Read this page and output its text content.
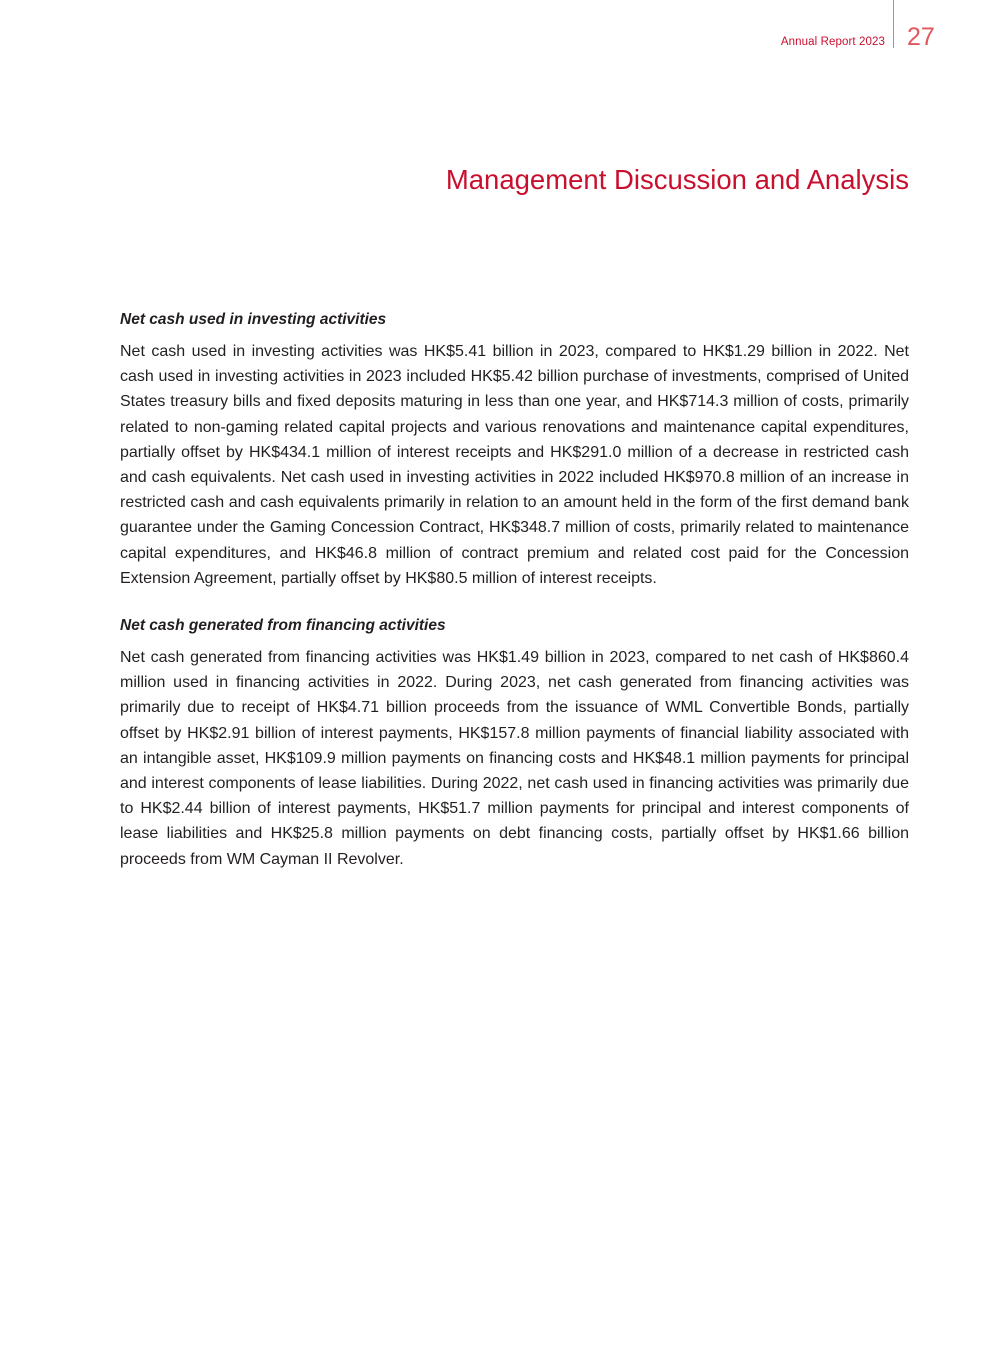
Annual Report 2023 27
Management Discussion and Analysis
Net cash used in investing activities

Net cash used in investing activities was HK$5.41 billion in 2023, compared to HK$1.29 billion in 2022. Net cash used in investing activities in 2023 included HK$5.42 billion purchase of investments, comprised of United States treasury bills and fixed deposits maturing in less than one year, and HK$714.3 million of costs, primarily related to non-gaming related capital projects and various renovations and maintenance capital expenditures, partially offset by HK$434.1 million of interest receipts and HK$291.0 million of a decrease in restricted cash and cash equivalents. Net cash used in investing activities in 2022 included HK$970.8 million of an increase in restricted cash and cash equivalents primarily in relation to an amount held in the form of the first demand bank guarantee under the Gaming Concession Contract, HK$348.7 million of costs, primarily related to maintenance capital expenditures, and HK$46.8 million of contract premium and related cost paid for the Concession Extension Agreement, partially offset by HK$80.5 million of interest receipts.

Net cash generated from financing activities

Net cash generated from financing activities was HK$1.49 billion in 2023, compared to net cash of HK$860.4 million used in financing activities in 2022. During 2023, net cash generated from financing activities was primarily due to receipt of HK$4.71 billion proceeds from the issuance of WML Convertible Bonds, partially offset by HK$2.91 billion of interest payments, HK$157.8 million payments of financial liability associated with an intangible asset, HK$109.9 million payments on financing costs and HK$48.1 million payments for principal and interest components of lease liabilities. During 2022, net cash used in financing activities was primarily due to HK$2.44 billion of interest payments, HK$51.7 million payments for principal and interest components of lease liabilities and HK$25.8 million payments on debt financing costs, partially offset by HK$1.66 billion proceeds from WM Cayman II Revolver.
